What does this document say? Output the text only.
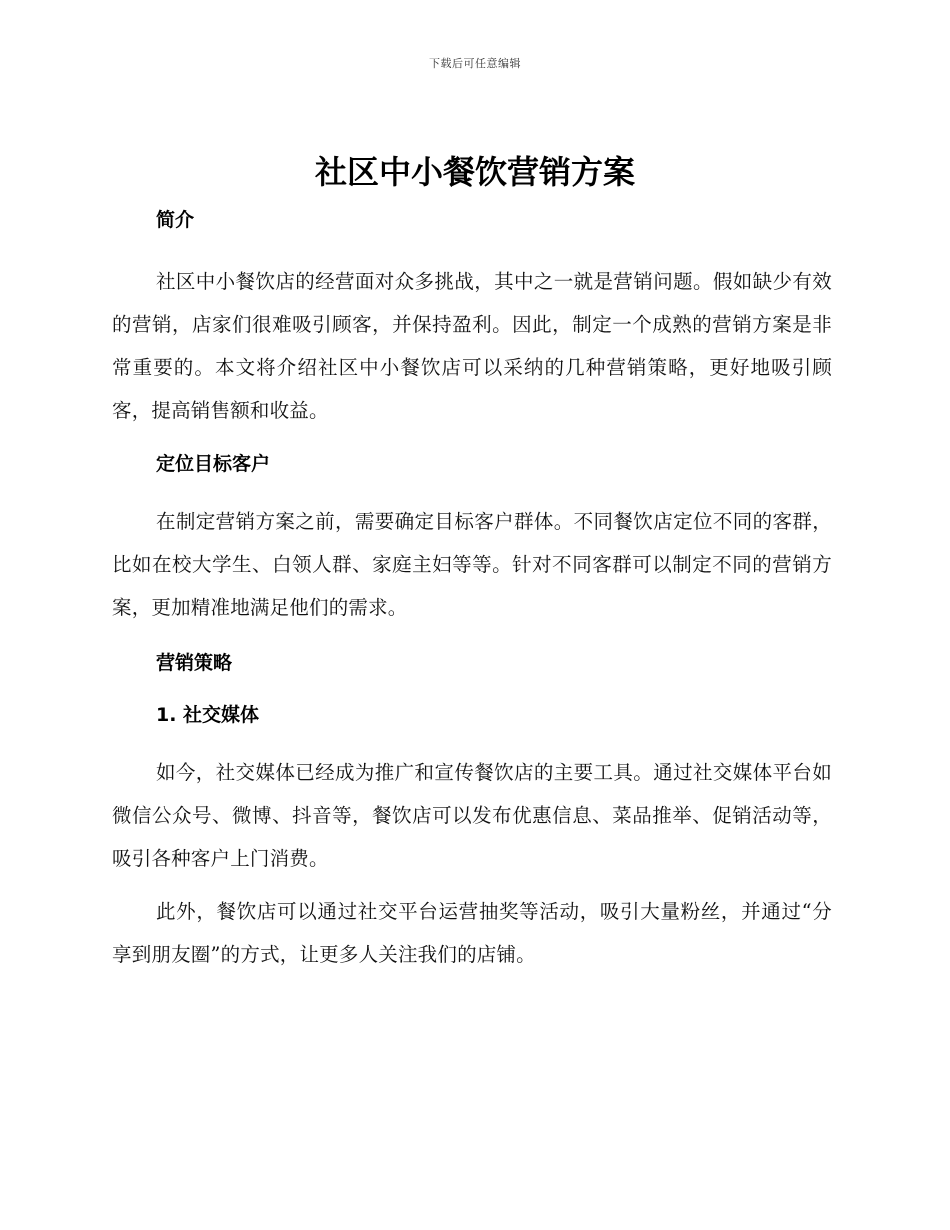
下载后可任意编辑
社区中小餐饮营销方案
简介

社区中小餐饮店的经营面对众多挑战，其中之一就是营销问题。假如缺少有效的营销，店家们很难吸引顾客，并保持盈利。因此，制定一个成熟的营销方案是非常重要的。本文将介绍社区中小餐饮店可以采纳的几种营销策略，更好地吸引顾客，提高销售额和收益。

定位目标客户

在制定营销方案之前，需要确定目标客户群体。不同餐饮店定位不同的客群，比如在校大学生、白领人群、家庭主妇等等。针对不同客群可以制定不同的营销方案，更加精准地满足他们的需求。

营销策略
1. 社交媒体

如今，社交媒体已经成为推广和宣传餐饮店的主要工具。通过社交媒体平台如微信公众号、微博、抖音等，餐饮店可以发布优惠信息、菜品推举、促销活动等，吸引各种客户上门消费。

此外，餐饮店可以通过社交平台运营抽奖等活动，吸引大量粉丝，并通过“分享到朋友圈”的方式，让更多人关注我们的店铺。
